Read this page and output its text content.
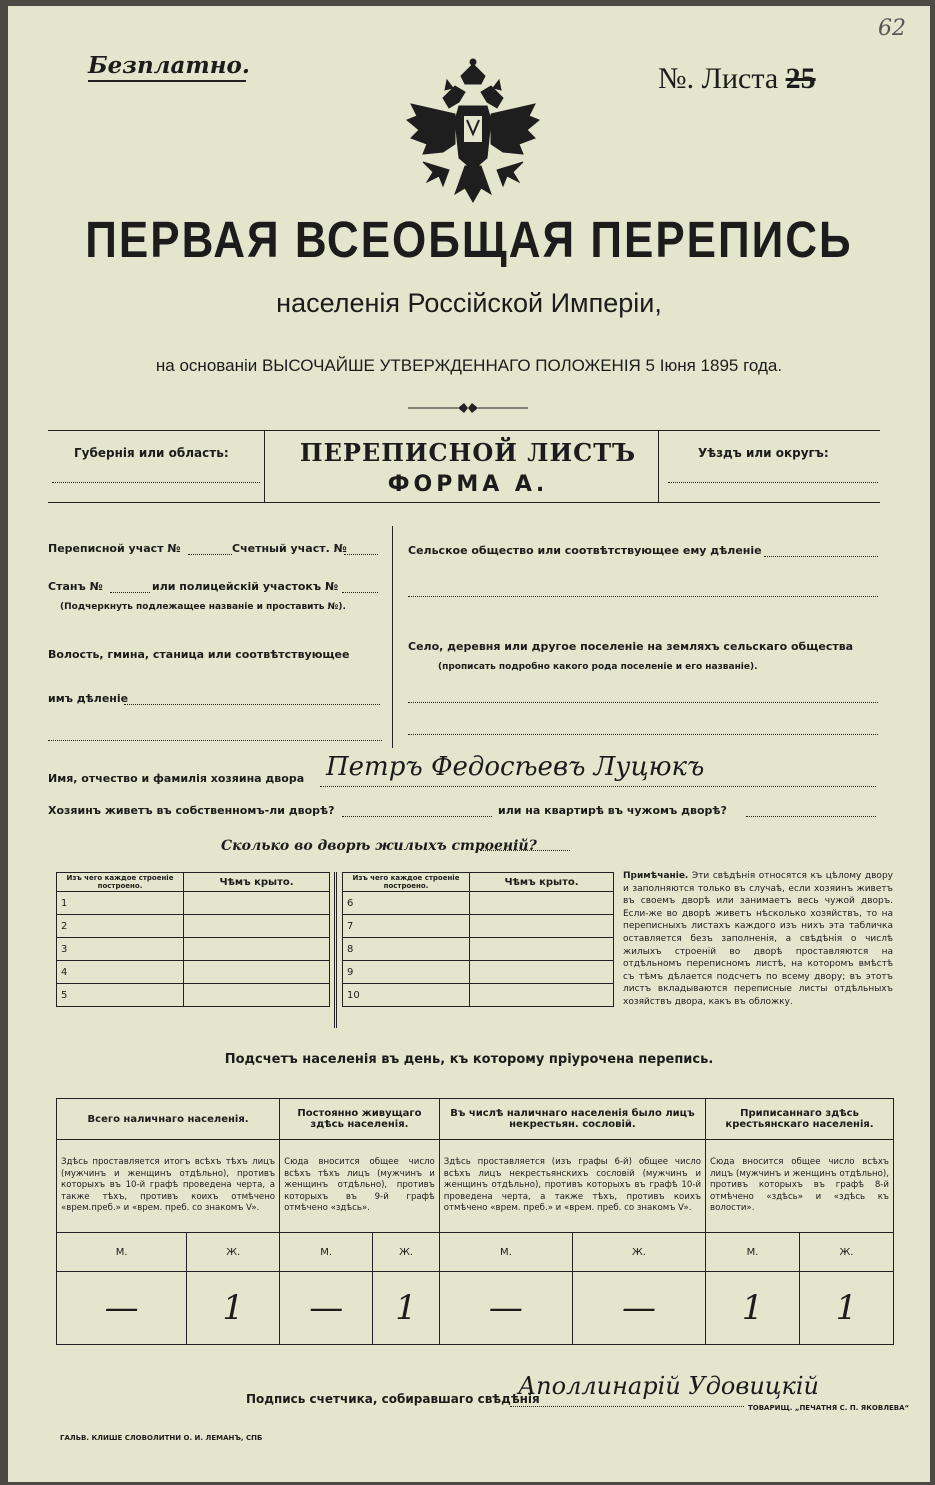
62
Безплатно.	№. Листа 25
ПЕРВАЯ ВСЕОБЩАЯ ПЕРЕПИСЬ
населенія Россійской Имперіи,
на основаніи ВЫСОЧАЙШЕ УТВЕРЖДЕННАГО ПОЛОЖЕНІЯ 5 Іюня 1895 года.
Губернія или область:	ПЕРЕПИСНОЙ ЛИСТЪ
ФОРМА А.
Уѣздъ или округъ:
Переписной участ №	Счетный участ. №
Станъ №	или полицейскій участокъ №
(Подчеркнуть подлежащее названіе и проставить №).
Волость, гмина, станица или соотвѣтствующее
имъ дѣленіе
Сельское общество или соотвѣтствующее ему дѣленіе
Село, деревня или другое поселеніе на земляхъ сельскаго общества
(прописать подробно какого рода поселеніе и его названіе).
Имя, отчество и фамилія хозяина двора Петръ Федосѣевъ Луцюкъ
Хозяинъ живетъ въ собственномъ-ли дворѣ?	или на квартирѣ въ чужомъ дворѣ?
Сколько во дворѣ жилыхъ строеній?
Изъ чего каждое строеніе построено.	Чѣмъ крыто.
1	
2	
3	
4	
5	
Изъ чего каждое строеніе построено.	Чѣмъ крыто.
6	
7	
8	
9	
10	
Примѣчаніе. Эти свѣдѣнія относятся къ цѣлому двору и заполняются только въ случаѣ, если хозяинъ живетъ въ своемъ дворѣ или занимаетъ весь чужой дворъ. Если-же во дворѣ живетъ нѣсколько хозяйствъ, то на переписныхъ листахъ каждого изъ нихъ эта табличка оставляется безъ заполненія, а свѣдѣнія о числѣ жилыхъ строеній во дворѣ проставляются на отдѣльномъ переписномъ листѣ, на которомъ вмѣстѣ съ тѣмъ дѣлается подсчетъ по всему двору; въ этотъ листъ вкладываются переписные листы отдѣльныхъ хозяйствъ двора, какъ въ обложку.
Подсчетъ населенія въ день, къ которому пріурочена перепись.
Всего наличнаго населенія.		Постоянно живущаго здѣсь населенія.		Въ числѣ наличнаго населенія было лицъ некрестьян. сословій.		Приписаннаго здѣсь крестьянскаго населенія.	
Здѣсь проставляется итогъ всѣхъ тѣхъ лицъ (мужчинъ и женщинъ отдѣльно), противъ которыхъ въ 10-й графѣ проведена черта, а также тѣхъ, противъ коихъ отмѣчено «врем.преб.» и «врем. преб. со знакомъ V».		Сюда вносится общее число всѣхъ тѣхъ лицъ (мужчинъ и женщинъ отдѣльно), противъ которыхъ въ 9-й графѣ отмѣчено «здѣсь».		Здѣсь проставляется (изъ графы 6-й) общее число всѣхъ лицъ некрестьянскихъ сословій (мужчинъ и женщинъ отдѣльно), противъ которыхъ въ графѣ 10-й проведена черта, а также тѣхъ, противъ коихъ отмѣчено «врем. преб.» и «врем. преб. со знакомъ V».		Сюда вносится общее число всѣхъ лицъ (мужчинъ и женщинъ отдѣльно), противъ которыхъ въ графѣ 8-й отмѣчено «здѣсь» и «здѣсь къ волости».	
М.	Ж.	М.	Ж.	М.	Ж.	М.	Ж.
—	1	—	1	—	—	1	1
Подпись счетчика, собиравшаго свѣдѣнія
Аполлинарій Удовицкій
ГАЛЬВ. КЛИШЕ СЛОВОЛИТНИ О. И. ЛЕМАНЪ, СПБ
ТОВАРИЩ. „ПЕЧАТНЯ С. П. ЯКОВЛЕВА“
